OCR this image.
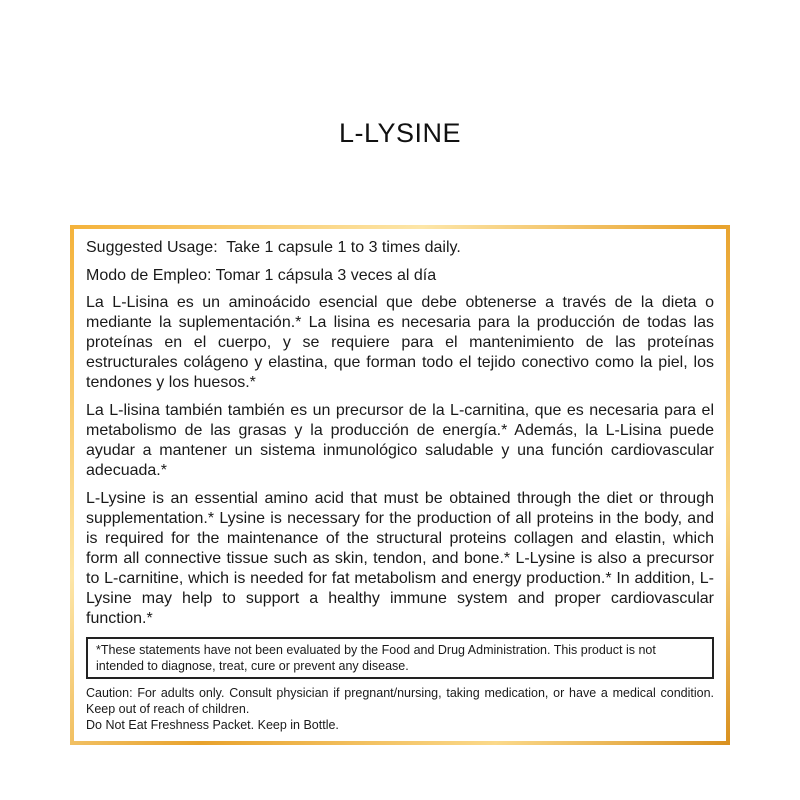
L-LYSINE
Suggested Usage: Take 1 capsule 1 to 3 times daily.
Modo de Empleo: Tomar 1 cápsula 3 veces al día

La L-Lisina es un aminoácido esencial que debe obtenerse a través de la dieta o mediante la suplementación.* La lisina es necesaria para la producción de todas las proteínas en el cuerpo, y se requiere para el mantenimiento de las proteínas estructurales colágeno y elastina, que forman todo el tejido conectivo como la piel, los tendones y los huesos.*

La L-lisina también también es un precursor de la L-carnitina, que es necesaria para el metabolismo de las grasas y la producción de energía.* Además, la L-Lisina puede ayudar a mantener un sistema inmunológico saludable y una función cardiovascular adecuada.*

L-Lysine is an essential amino acid that must be obtained through the diet or through supplementation.* Lysine is necessary for the production of all proteins in the body, and is required for the maintenance of the structural proteins collagen and elastin, which form all connective tissue such as skin, tendon, and bone.* L-Lysine is also a precursor to L-carnitine, which is needed for fat metabolism and energy production.* In addition, L-Lysine may help to support a healthy immune system and proper cardiovascular function.*

*These statements have not been evaluated by the Food and Drug Administration. This product is not intended to diagnose, treat, cure or prevent any disease.

Caution: For adults only. Consult physician if pregnant/nursing, taking medication, or have a medical condition. Keep out of reach of children.

Do Not Eat Freshness Packet. Keep in Bottle.
